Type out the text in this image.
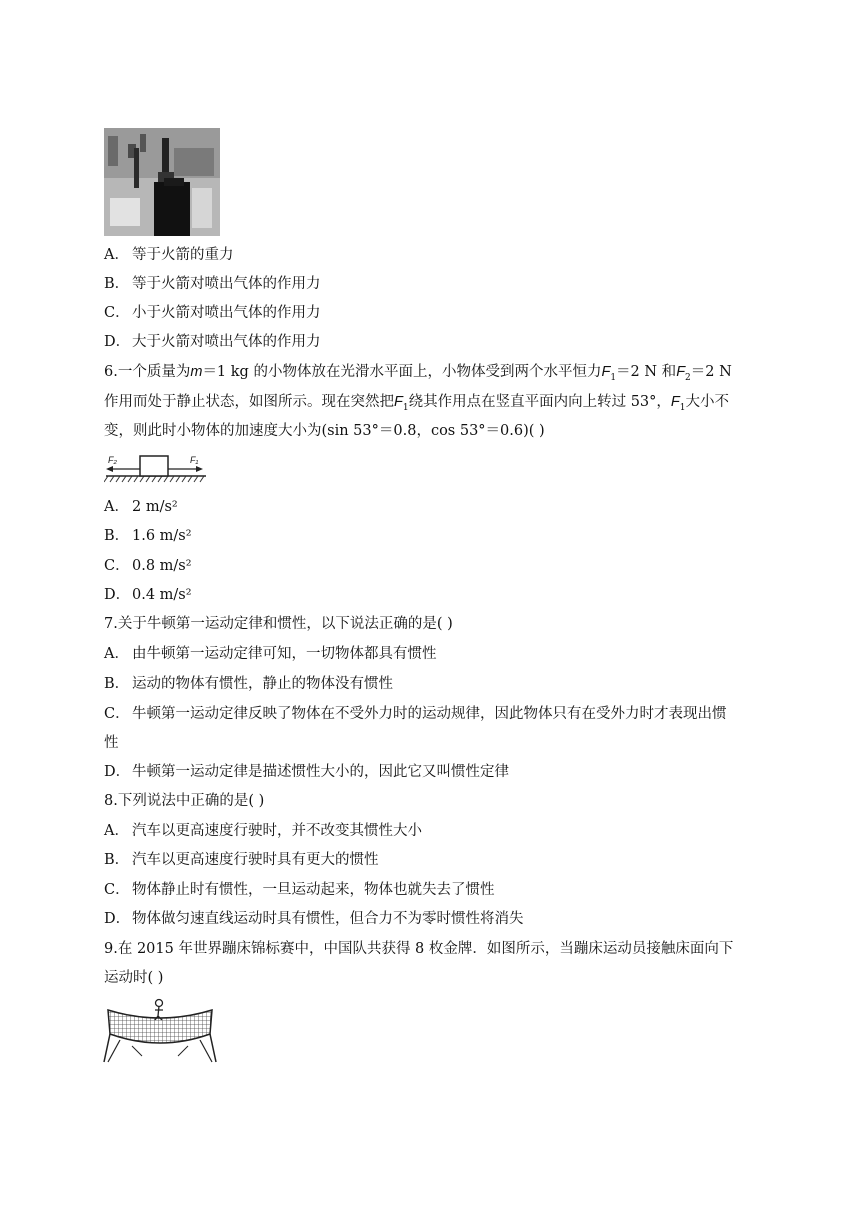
A． 等于火箭的重力
B． 等于火箭对喷出气体的作用力
C． 小于火箭对喷出气体的作用力
D． 大于火箭对喷出气体的作用力
6.一个质量为m＝1 kg 的小物体放在光滑水平面上，小物体受到两个水平恒力$F_1=2$ N 和$F_2=2$ N
作用而处于静止状态，如图所示。现在突然把$F_1$绕其作用点在竖直平面内向上转过 53°，$F_1$大小不
变，则此时小物体的加速度大小为(sin 53°＝0.8，cos 53°＝0.6)( )
F₂	F₁
A． 2 m/s²
B． 1.6 m/s²
C． 0.8 m/s²
D． 0.4 m/s²
7.关于牛顿第一运动定律和惯性，以下说法正确的是( )
A． 由牛顿第一运动定律可知，一切物体都具有惯性
B． 运动的物体有惯性，静止的物体没有惯性
C． 牛顿第一运动定律反映了物体在不受外力时的运动规律，因此物体只有在受外力时才表现出惯
性
D． 牛顿第一运动定律是描述惯性大小的，因此它又叫惯性定律
8.下列说法中正确的是( )
A． 汽车以更高速度行驶时，并不改变其惯性大小
B． 汽车以更高速度行驶时具有更大的惯性
C． 物体静止时有惯性，一旦运动起来，物体也就失去了惯性
D． 物体做匀速直线运动时具有惯性，但合力不为零时惯性将消失
9.在 2015 年世界蹦床锦标赛中，中国队共获得 8 枚金牌．如图所示，当蹦床运动员接触床面向下
运动时( )
